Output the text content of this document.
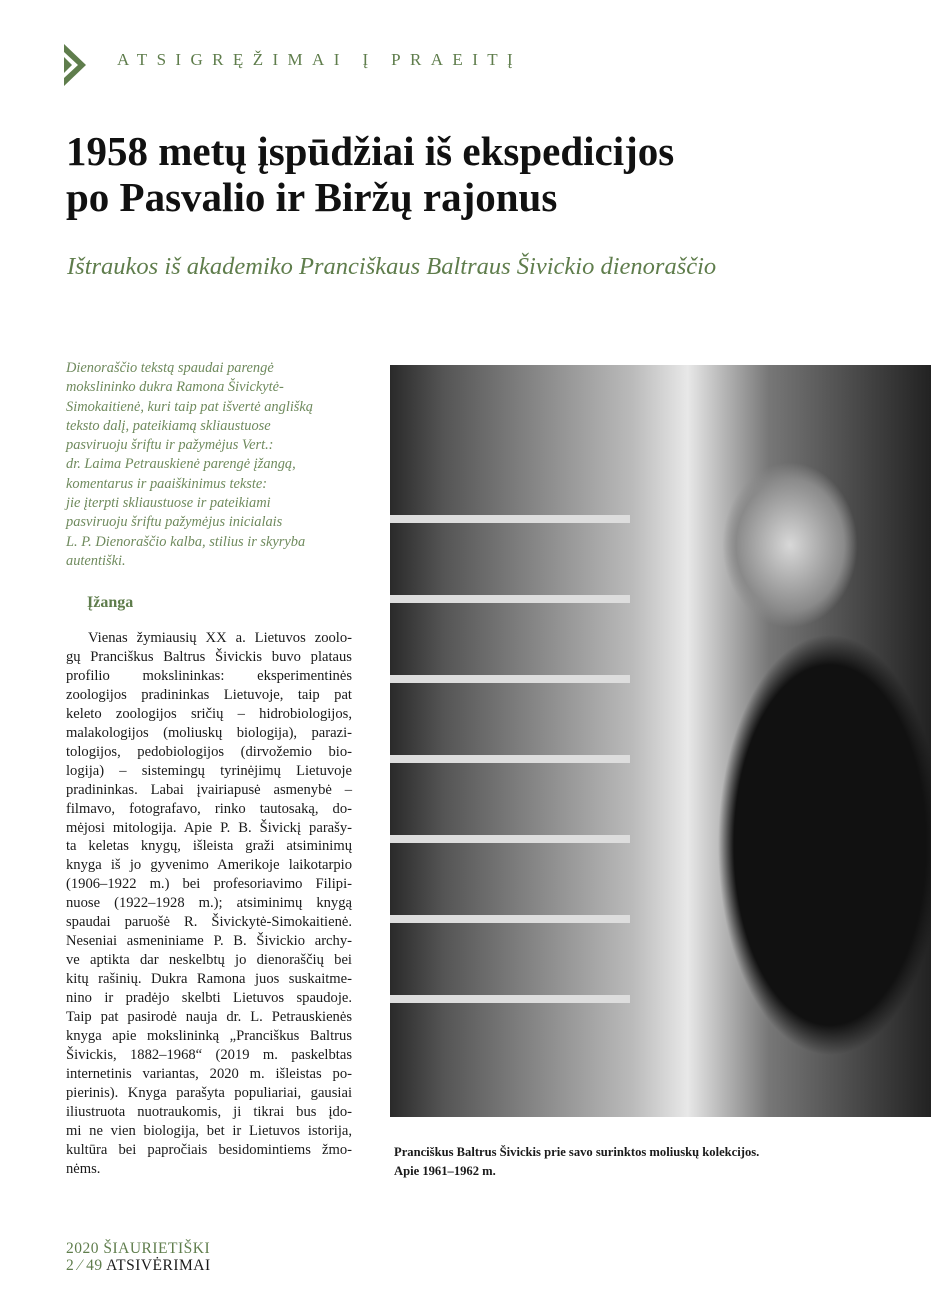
ATSIGRĘŽIMAI Į PRAEITĮ
1958 metų įspūdžiai iš ekspedicijos
po Pasvalio ir Biržų rajonus
Ištraukos iš akademiko Pranciškaus Baltraus Šivickio dienoraščio
Dienoraščio tekstą spaudai parengė
mokslininko dukra Ramona Šivickytė-
Simokaitienė, kuri taip pat išvertė anglišką
teksto dalį, pateikiamą skliaustuose
pasviruoju šriftu ir pažymėjus Vert.:
dr. Laima Petrauskienė parengė įžangą,
komentarus ir paaiškinimus tekste:
jie įterpti skliaustuose ir pateikiami
pasviruoju šriftu pažymėjus inicialais
L. P. Dienoraščio kalba, stilius ir skyryba
autentiški.
Įžanga
Vienas žymiausių XX a. Lietuvos zoolo-
gų Pranciškus Baltrus Šivickis buvo plataus
profilio mokslininkas: eksperimentinės
zoologijos pradininkas Lietuvoje, taip pat
keleto zoologijos sričių – hidrobiologijos,
malakologijos (moliuskų biologija), parazi-
tologijos, pedobiologijos (dirvožemio bio-
logija) – sistemingų tyrinėjimų Lietuvoje
pradininkas. Labai įvairiapusė asmenybė –
filmavo, fotografavo, rinko tautosaką, do-
mėjosi mitologija. Apie P. B. Šivickį parašy-
ta keletas knygų, išleista graži atsiminimų
knyga iš jo gyvenimo Amerikoje laikotarpio
(1906–1922 m.) bei profesoriavimo Filipi-
nuose (1922–1928 m.); atsiminimų knygą
spaudai paruošė R. Šivickytė-Simokaitienė.
Neseniai asmeniniame P. B. Šivickio archy-
ve aptikta dar neskelbtų jo dienoraščių bei
kitų rašinių. Dukra Ramona juos suskaitme-
nino ir pradėjo skelbti Lietuvos spaudoje.
Taip pat pasirodė nauja dr. L. Petrauskienės
knyga apie mokslininką „Pranciškus Baltrus
Šivickis, 1882–1968“ (2019 m. paskelbtas
internetinis variantas, 2020 m. išleistas po-
pierinis). Knyga parašyta populiariai, gausiai
iliustruota nuotraukomis, ji tikrai bus įdo-
mi ne vien biologija, bet ir Lietuvos istorija,
kultūra bei papročiais besidomintiems žmo-
nėms.
Pranciškus Baltrus Šivickis prie savo surinktos moliuskų kolekcijos.
Apie 1961–1962 m.
2020 ŠIAURIETIŠKI
2 ⁄ 49 ATSIVĖRIMAI
